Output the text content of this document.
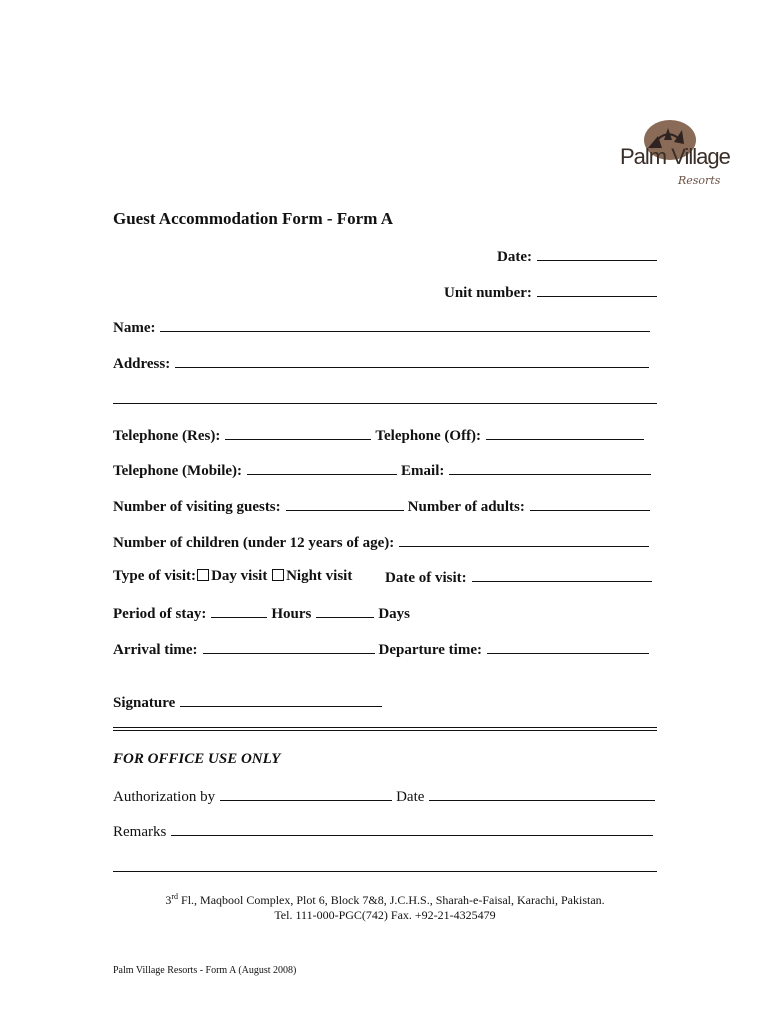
Palm Village
Resorts
Guest Accommodation Form - Form A
Date:
Unit number:
Name:
Address:
Telephone (Res):	Telephone (Off):
Telephone (Mobile):	Email:
Number of visiting guests:	Number of adults:
Number of children (under 12 years of age):
Type of visit: Day visit Night visit Date of visit:
Period of stay:	Hours	Days
Arrival time:	Departure time:
Signature
FOR OFFICE USE ONLY
Authorization by	Date
Remarks
3rd Fl., Maqbool Complex, Plot 6, Block 7&8, J.C.H.S., Sharah-e-Faisal, Karachi, Pakistan.
Tel. 111-000-PGC(742) Fax. +92-21-4325479
Palm Village Resorts - Form A (August 2008)
